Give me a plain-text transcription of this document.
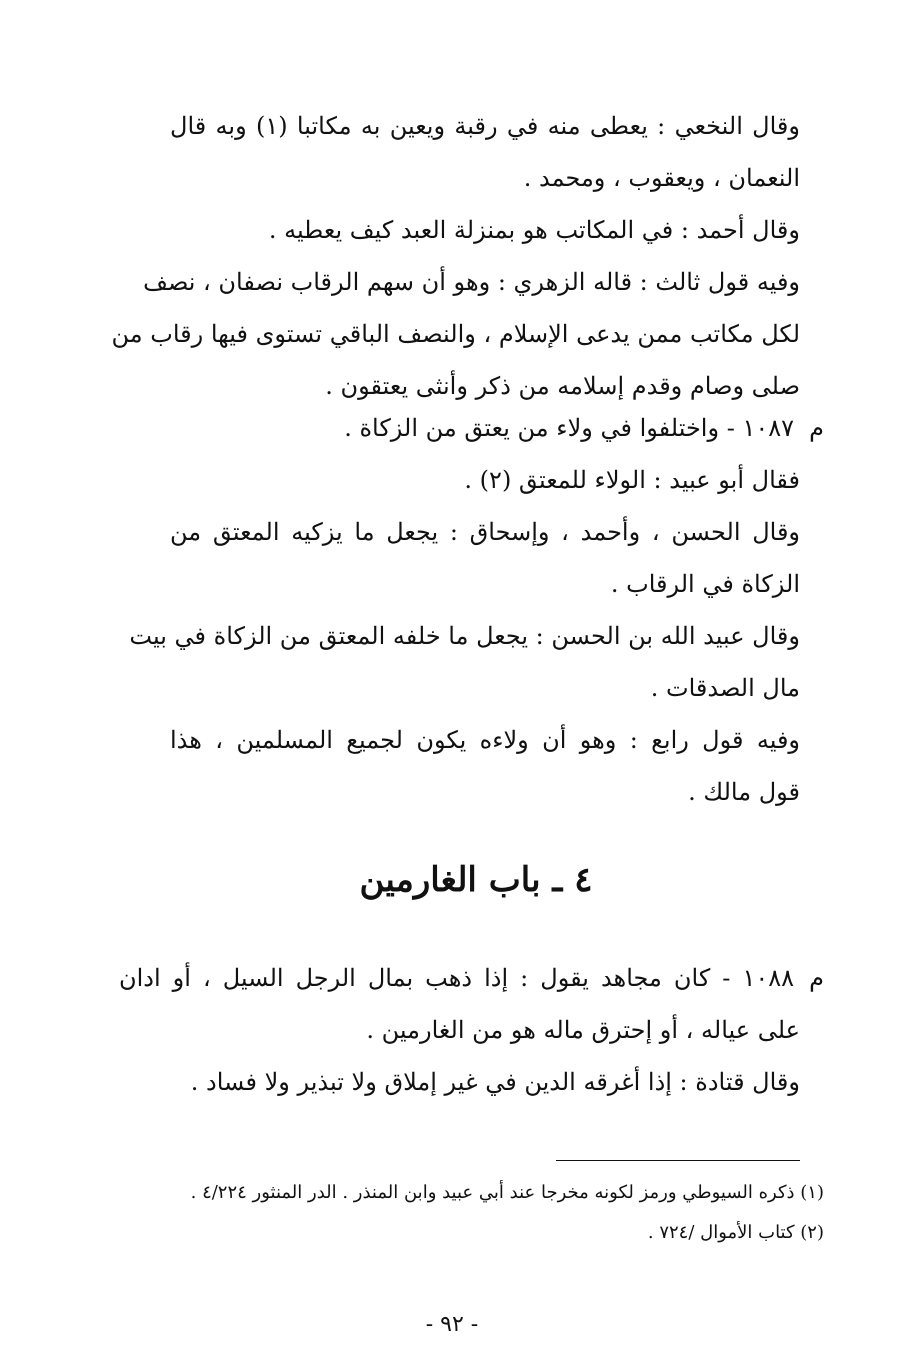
وقال النخعي : يعطى منه في رقبة ويعين به مكاتبا (١) وبه قال
النعمان ، ويعقوب ، ومحمد .
وقال أحمد : في المكاتب هو بمنزلة العبد كيف يعطيه .
وفيه قول ثالث : قاله الزهري : وهو أن سهم الرقاب نصفان ، نصف
لكل مكاتب ممن يدعى الإسلام ، والنصف الباقي تستوى فيها رقاب من
صلى وصام وقدم إسلامه من ذكر وأنثى يعتقون .
م
١٠٨٧ - واختلفوا في ولاء من يعتق من الزكاة .
فقال أبو عبيد : الولاء للمعتق (٢) .
وقال الحسن ، وأحمد ، وإسحاق : يجعل ما يزكيه المعتق من
الزكاة في الرقاب .
وقال عبيد الله بن الحسن : يجعل ما خلفه المعتق من الزكاة في بيت
مال الصدقات .
وفيه قول رابع : وهو أن ولاءه يكون لجميع المسلمين ، هذا
قول مالك .
٤ ـ باب الغارمين
م
١٠٨٨ - كان مجاهد يقول : إذا ذهب بمال الرجل السيل ، أو ادان
على عياله ، أو إحترق ماله هو من الغارمين .
وقال قتادة : إذا أغرقه الدين في غير إملاق ولا تبذير ولا فساد .
(١) ذكره السيوطي ورمز لكونه مخرجا عند أبي عبيد وابن المنذر . الدر المنثور ٤/٢٢٤ .
(٢) كتاب الأموال /٧٢٤ .
- ٩٢ -
